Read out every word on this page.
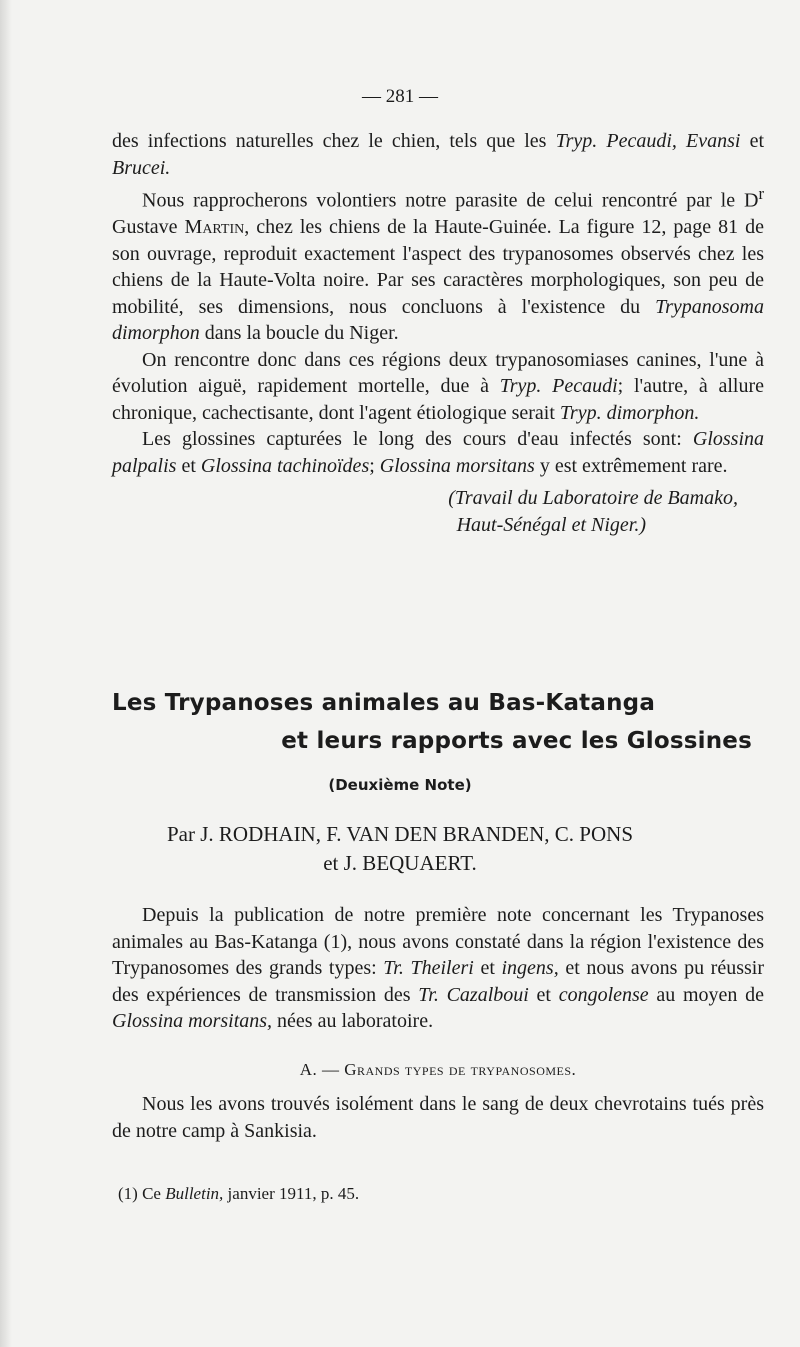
— 281 —

des infections naturelles chez le chien, tels que les Tryp. Pecaudi, Evansi et Brucei.

Nous rapprocherons volontiers notre parasite de celui rencontré par le $D^r$ Gustave Martin, chez les chiens de la Haute-Guinée. La figure 12, page 81 de son ouvrage, reproduit exactement l'aspect des trypanosomes observés chez les chiens de la Haute-Volta noire. Par ses caractères morphologiques, son peu de mobilité, ses dimensions, nous concluons à l'existence du Trypanosoma dimorphon dans la boucle du Niger.

On rencontre donc dans ces régions deux trypanosomiases canines, l'une à évolution aiguë, rapidement mortelle, due à Tryp. Pecaudi; l'autre, à allure chronique, cachectisante, dont l'agent étiologique serait Tryp. dimorphon.

Les glossines capturées le long des cours d'eau infectés sont: Glossina palpalis et Glossina tachinoïdes; Glossina morsitans y est extrêmement rare.

(Travail du Laboratoire de Bamako,
Haut-Sénégal et Niger.)

Les Trypanoses animales au Bas-Katanga
et leurs rapports avec les Glossines
(Deuxième Note)
Par J. RODHAIN, F. VAN DEN BRANDEN, C. PONS
et J. BEQUAERT.

Depuis la publication de notre première note concernant les Trypanoses animales au Bas-Katanga (1), nous avons constaté dans la région l'existence des Trypanosomes des grands types: Tr. Theileri et ingens, et nous avons pu réussir des expériences de transmission des Tr. Cazalboui et congolense au moyen de Glossina morsitans, nées au laboratoire.

A. — Grands types de trypanosomes.

Nous les avons trouvés isolément dans le sang de deux chevrotains tués près de notre camp à Sankisia.

(1) Ce Bulletin, janvier 1911, p. 45.
